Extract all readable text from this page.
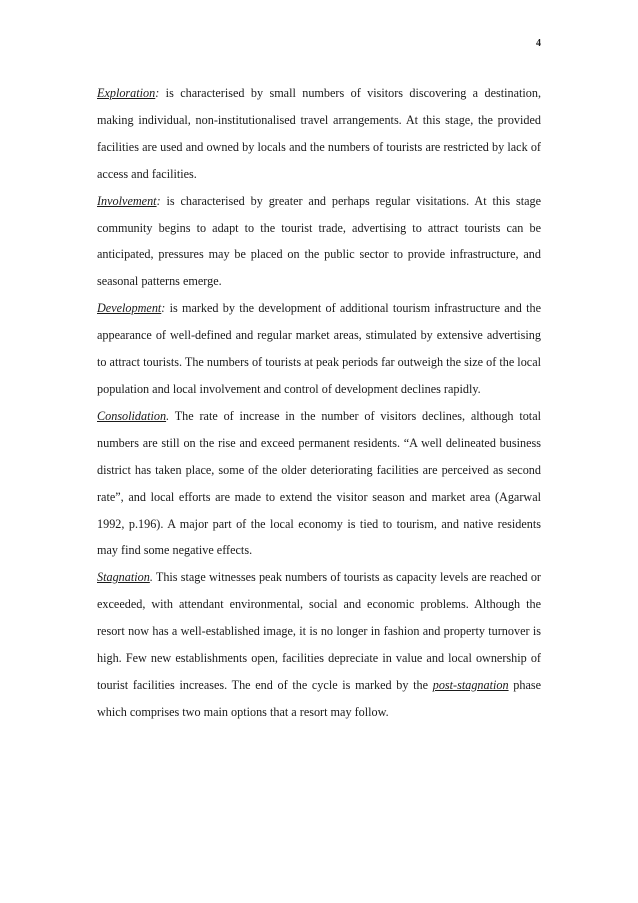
4

Exploration: is characterised by small numbers of visitors discovering a destination, making individual, non-institutionalised travel arrangements. At this stage, the provided facilities are used and owned by locals and the numbers of tourists are restricted by lack of access and facilities.

Involvement: is characterised by greater and perhaps regular visitations. At this stage community begins to adapt to the tourist trade, advertising to attract tourists can be anticipated, pressures may be placed on the public sector to provide infrastructure, and seasonal patterns emerge.

Development: is marked by the development of additional tourism infrastructure and the appearance of well-defined and regular market areas, stimulated by extensive advertising to attract tourists. The numbers of tourists at peak periods far outweigh the size of the local population and local involvement and control of development declines rapidly.

Consolidation. The rate of increase in the number of visitors declines, although total numbers are still on the rise and exceed permanent residents. “A well delineated business district has taken place, some of the older deteriorating facilities are perceived as second rate”, and local efforts are made to extend the visitor season and market area (Agarwal 1992, p.196). A major part of the local economy is tied to tourism, and native residents may find some negative effects.

Stagnation. This stage witnesses peak numbers of tourists as capacity levels are reached or exceeded, with attendant environmental, social and economic problems. Although the resort now has a well-established image, it is no longer in fashion and property turnover is high. Few new establishments open, facilities depreciate in value and local ownership of tourist facilities increases. The end of the cycle is marked by the post-stagnation phase which comprises two main options that a resort may follow.
